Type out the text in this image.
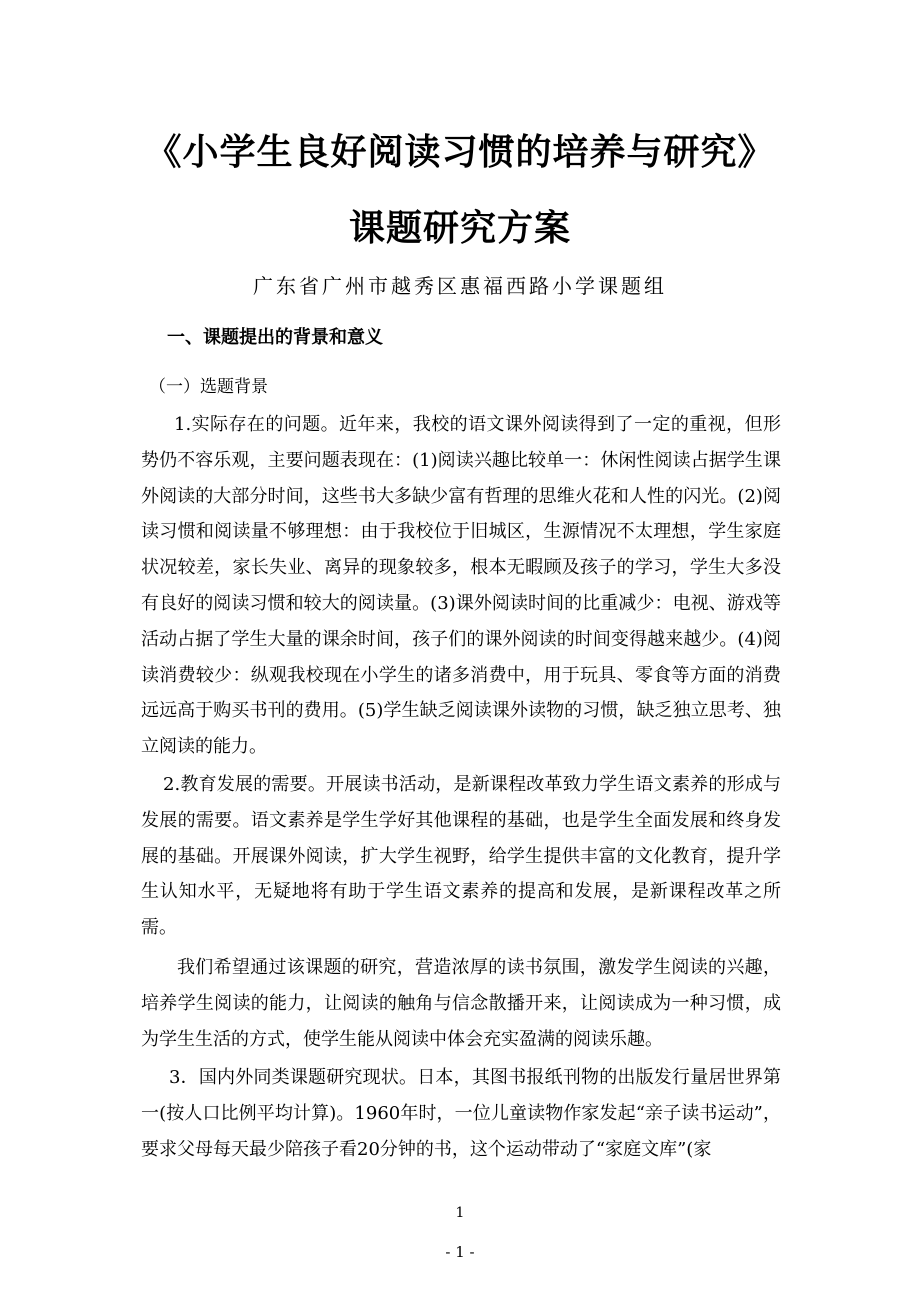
《小学生良好阅读习惯的培养与研究》
课题研究方案
广东省广州市越秀区惠福西路小学课题组
一、课题提出的背景和意义
（一）选题背景
1.实际存在的问题。近年来，我校的语文课外阅读得到了一定的重视，但形势仍不容乐观，主要问题表现在：(1)阅读兴趣比较单一：休闲性阅读占据学生课外阅读的大部分时间，这些书大多缺少富有哲理的思维火花和人性的闪光。(2)阅读习惯和阅读量不够理想：由于我校位于旧城区，生源情况不太理想，学生家庭状况较差，家长失业、离异的现象较多，根本无暇顾及孩子的学习，学生大多没有良好的阅读习惯和较大的阅读量。(3)课外阅读时间的比重减少：电视、游戏等活动占据了学生大量的课余时间，孩子们的课外阅读的时间变得越来越少。(4)阅读消费较少：纵观我校现在小学生的诸多消费中，用于玩具、零食等方面的消费远远高于购买书刊的费用。(5)学生缺乏阅读课外读物的习惯，缺乏独立思考、独立阅读的能力。
2.教育发展的需要。开展读书活动，是新课程改革致力学生语文素养的形成与发展的需要。语文素养是学生学好其他课程的基础，也是学生全面发展和终身发展的基础。开展课外阅读，扩大学生视野，给学生提供丰富的文化教育，提升学生认知水平，无疑地将有助于学生语文素养的提高和发展，是新课程改革之所需。
我们希望通过该课题的研究，营造浓厚的读书氛围，激发学生阅读的兴趣，培养学生阅读的能力，让阅读的触角与信念散播开来，让阅读成为一种习惯，成为学生生活的方式，使学生能从阅读中体会充实盈满的阅读乐趣。
3．国内外同类课题研究现状。日本，其图书报纸刊物的出版发行量居世界第一(按人口比例平均计算)。1960年时，一位儿童读物作家发起“亲子读书运动”，要求父母每天最少陪孩子看20分钟的书，这个运动带动了“家庭文库”(家
1
- 1 -
